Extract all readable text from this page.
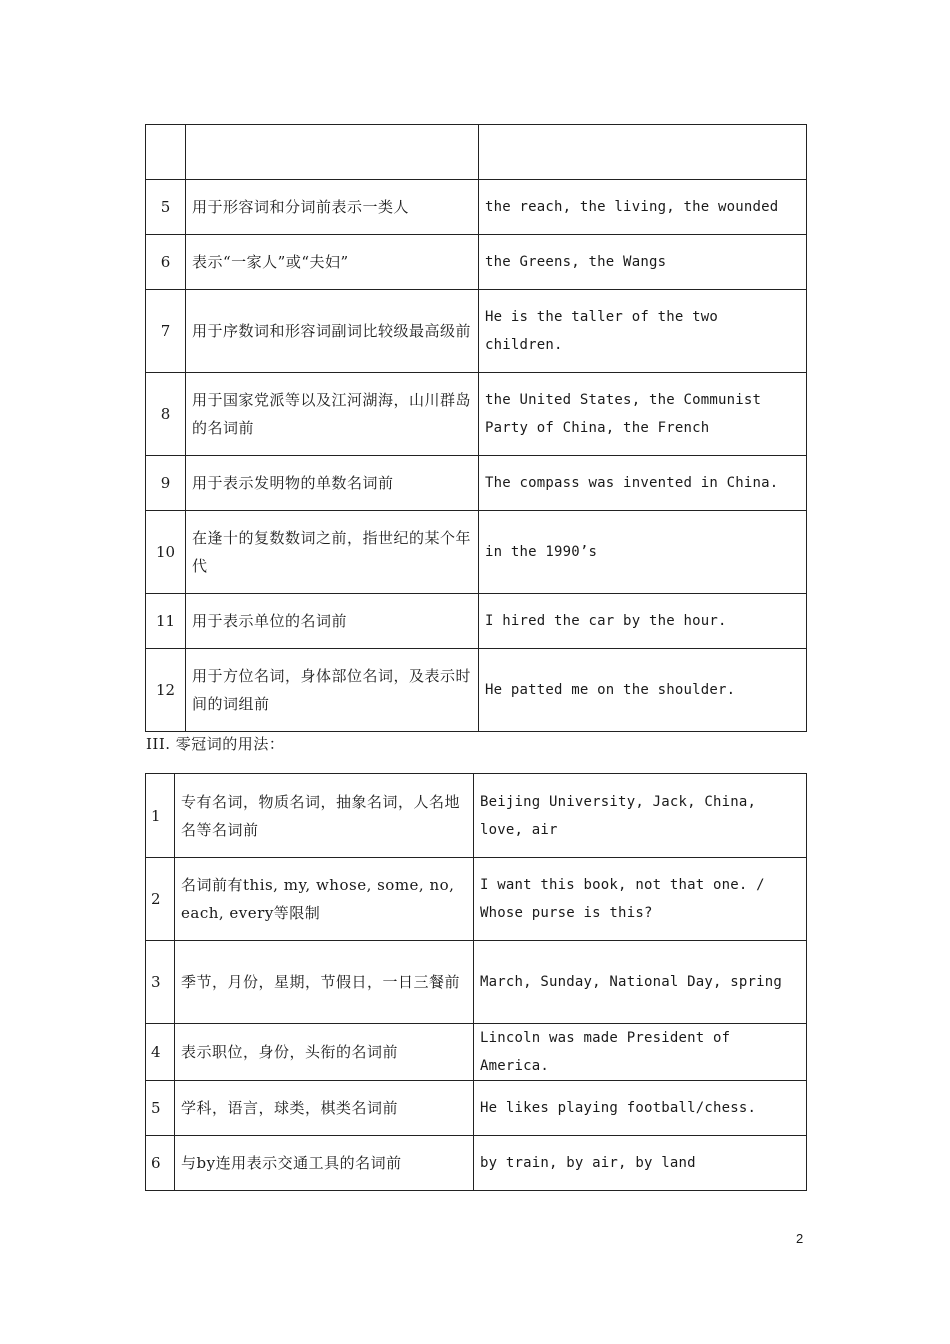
5	用于形容词和分词前表示一类人	the reach, the living, the wounded
6	表示“一家人”或“夫妇”	the Greens, the Wangs
7	用于序数词和形容词副词比较级最高级前	He is the taller of the two children.
8	用于国家党派等以及江河湖海，山川群岛的名词前	the United States, the Communist Party of China, the French
9	用于表示发明物的单数名词前	The compass was invented in China.
10	在逢十的复数数词之前，指世纪的某个年代	in the 1990’s
11	用于表示单位的名词前	I hired the car by the hour.
12	用于方位名词，身体部位名词，及表示时间的词组前	He patted me on the shoulder.
III. 零冠词的用法：
1	专有名词，物质名词，抽象名词，人名地名等名词前	Beijing University, Jack, China, love, air
2	名词前有this, my, whose, some, no, each, every等限制	I want this book, not that one. / Whose purse is this?
3	季节，月份，星期，节假日，一日三餐前	March, Sunday, National Day, spring
4	表示职位，身份，头衔的名词前	Lincoln was made President of America.
5	学科，语言，球类，棋类名词前	He likes playing football/chess.
6	与by连用表示交通工具的名词前	by train, by air, by land
2
